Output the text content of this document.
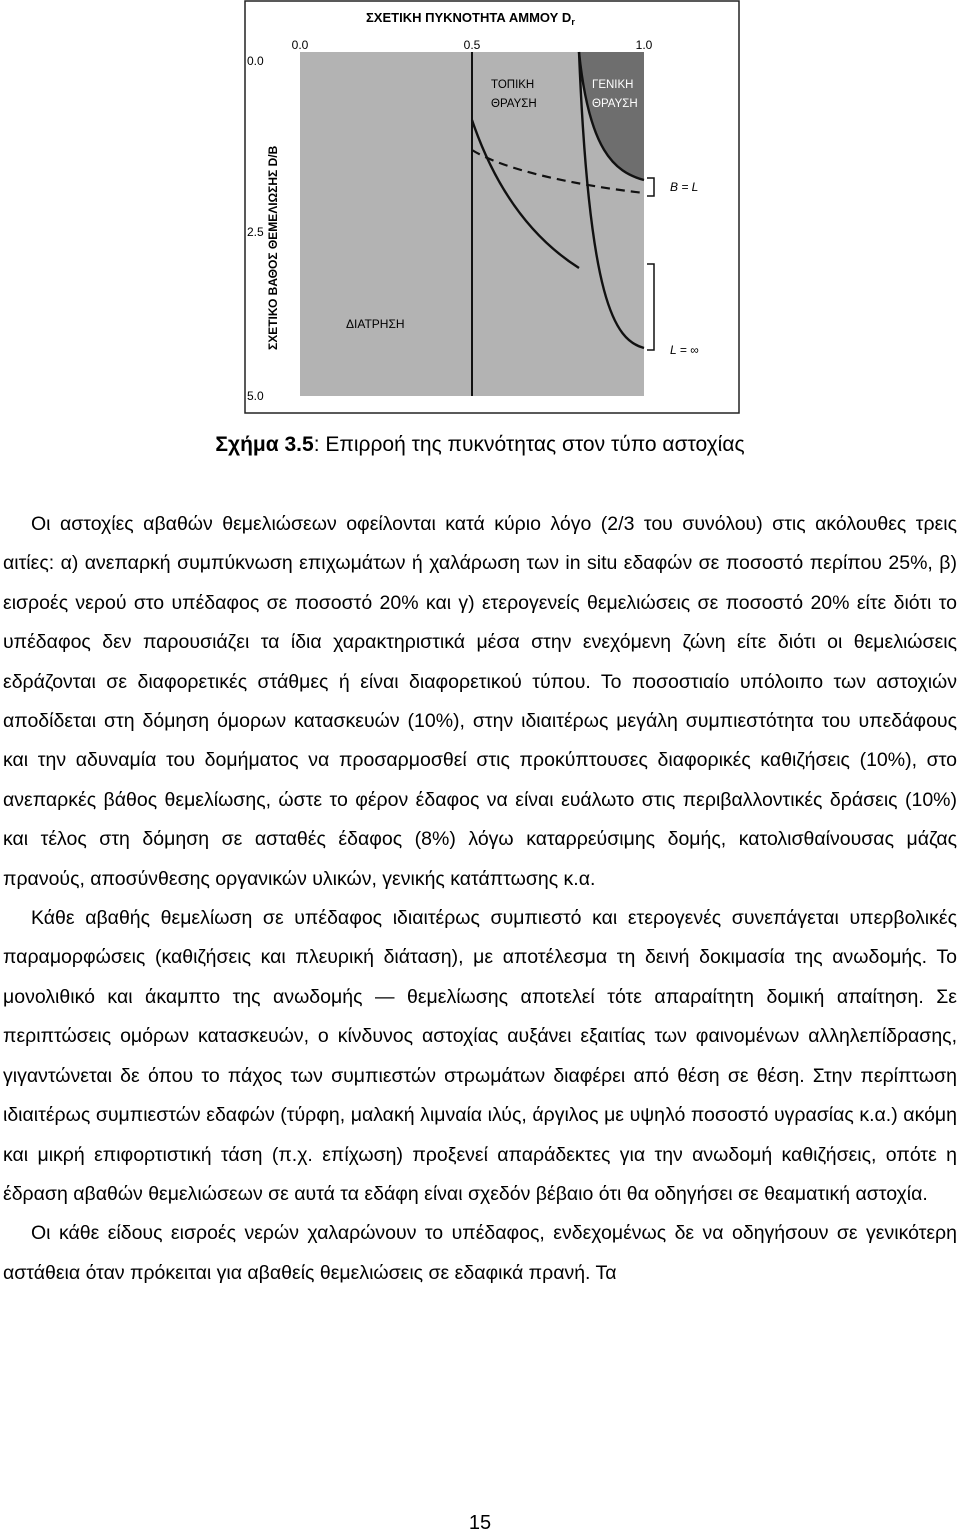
ΣΧΕΤΙΚΗ ΠΥΚΝΟΤΗΤΑ ΑΜΜΟΥ $D_r$
0.0	0.5	1.0
0.0
2.5
5.0
ΣΧΕΤΙΚΟ ΒΑΘΟΣ ΘΕΜΕΛΙΩΣΗΣ D/B
ΤΟΠΙΚΗ
ΘΡΑΥΣΗ
ΓΕΝΙΚΗ
ΘΡΑΥΣΗ
ΔΙΑΤΡΗΣΗ
B = L
L = ∞
Σχήμα 3.5: Επιρροή της πυκνότητας στον τύπο αστοχίας

Οι αστοχίες αβαθών θεμελιώσεων οφείλονται κατά κύριο λόγο (2/3 του συνόλου) στις ακόλουθες τρεις αιτίες: α) ανεπαρκή συμπύκνωση επιχωμάτων ή χαλάρωση των in situ εδαφών σε ποσοστό περίπου 25%, β) εισροές νερού στο υπέδαφος σε ποσοστό 20% και γ) ετερογενείς θεμελιώσεις σε ποσοστό 20% είτε διότι το υπέδαφος δεν παρουσιάζει τα ίδια χαρακτηριστικά μέσα στην ενεχόμενη ζώνη είτε διότι οι θεμελιώσεις εδράζονται σε διαφορετικές στάθμες ή είναι διαφορετικού τύπου. Το ποσοστιαίο υπόλοιπο των αστοχιών αποδίδεται στη δόμηση όμορων κατασκευών (10%), στην ιδιαιτέρως μεγάλη συμπιεστότητα του υπεδάφους και την αδυναμία του δομήματος να προσαρμοσθεί στις προκύπτουσες διαφορικές καθιζήσεις (10%), στο ανεπαρκές βάθος θεμελίωσης, ώστε το φέρον έδαφος να είναι ευάλωτο στις περιβαλλοντικές δράσεις (10%) και τέλος στη δόμηση σε ασταθές έδαφος (8%) λόγω καταρρεύσιμης δομής, κατολισθαίνουσας μάζας πρανούς, αποσύνθεσης οργανικών υλικών, γενικής κατάπτωσης κ.α.

Κάθε αβαθής θεμελίωση σε υπέδαφος ιδιαιτέρως συμπιεστό και ετερογενές συνεπάγεται υπερβολικές παραμορφώσεις (καθιζήσεις και πλευρική διάταση), με αποτέλεσμα τη δεινή δοκιμασία της ανωδομής. Το μονολιθικό και άκαμπτο της ανωδομής — θεμελίωσης αποτελεί τότε απαραίτητη δομική απαίτηση. Σε περιπτώσεις ομόρων κατασκευών, ο κίνδυνος αστοχίας αυξάνει εξαιτίας των φαινομένων αλληλεπίδρασης, γιγαντώνεται δε όπου το πάχος των συμπιεστών στρωμάτων διαφέρει από θέση σε θέση. Στην περίπτωση ιδιαιτέρως συμπιεστών εδαφών (τύρφη, μαλακή λιμναία ιλύς, άργιλος με υψηλό ποσοστό υγρασίας κ.α.) ακόμη και μικρή επιφορτιστική τάση (π.χ. επίχωση) προξενεί απαράδεκτες για την ανωδομή καθιζήσεις, οπότε η έδραση αβαθών θεμελιώσεων σε αυτά τα εδάφη είναι σχεδόν βέβαιο ότι θα οδηγήσει σε θεαματική αστοχία.

Οι κάθε είδους εισροές νερών χαλαρώνουν το υπέδαφος, ενδεχομένως δε να οδηγήσουν σε γενικότερη αστάθεια όταν πρόκειται για αβαθείς θεμελιώσεις σε εδαφικά πρανή. Τα

15
